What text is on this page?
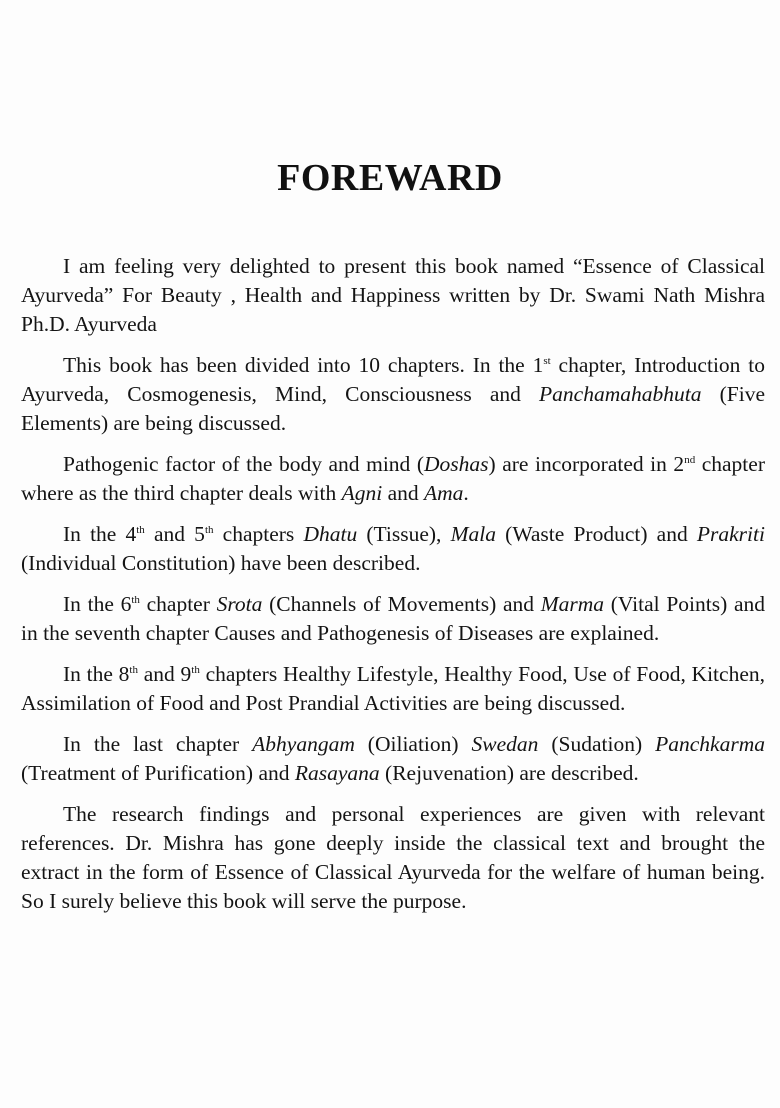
FOREWARD

I am feeling very delighted to present this book named “Essence of Classical Ayurveda” For Beauty , Health and Happiness written by Dr. Swami Nath Mishra Ph.D. Ayurveda

This book has been divided into 10 chapters. In the 1st chapter, Introduction to Ayurveda, Cosmogenesis, Mind, Consciousness and Panchamahabhuta (Five Elements) are being discussed.

Pathogenic factor of the body and mind (Doshas) are incorporated in 2nd chapter where as the third chapter deals with Agni and Ama.

In the 4th and 5th chapters Dhatu (Tissue), Mala (Waste Product) and Prakriti (Individual Constitution) have been described.

In the 6th chapter Srota (Channels of Movements) and Marma (Vital Points) and in the seventh chapter Causes and Pathogenesis of Diseases are explained.

In the 8th and 9th chapters Healthy Lifestyle, Healthy Food, Use of Food, Kitchen, Assimilation of Food and Post Prandial Activities are being discussed.

In the last chapter Abhyangam (Oiliation) Swedan (Sudation) Panchkarma (Treatment of Purification) and Rasayana (Rejuvenation) are described.

The research findings and personal experiences are given with relevant references. Dr. Mishra has gone deeply inside the classical text and brought the extract in the form of Essence of Classical Ayurveda for the welfare of human being. So I surely believe this book will serve the purpose.
